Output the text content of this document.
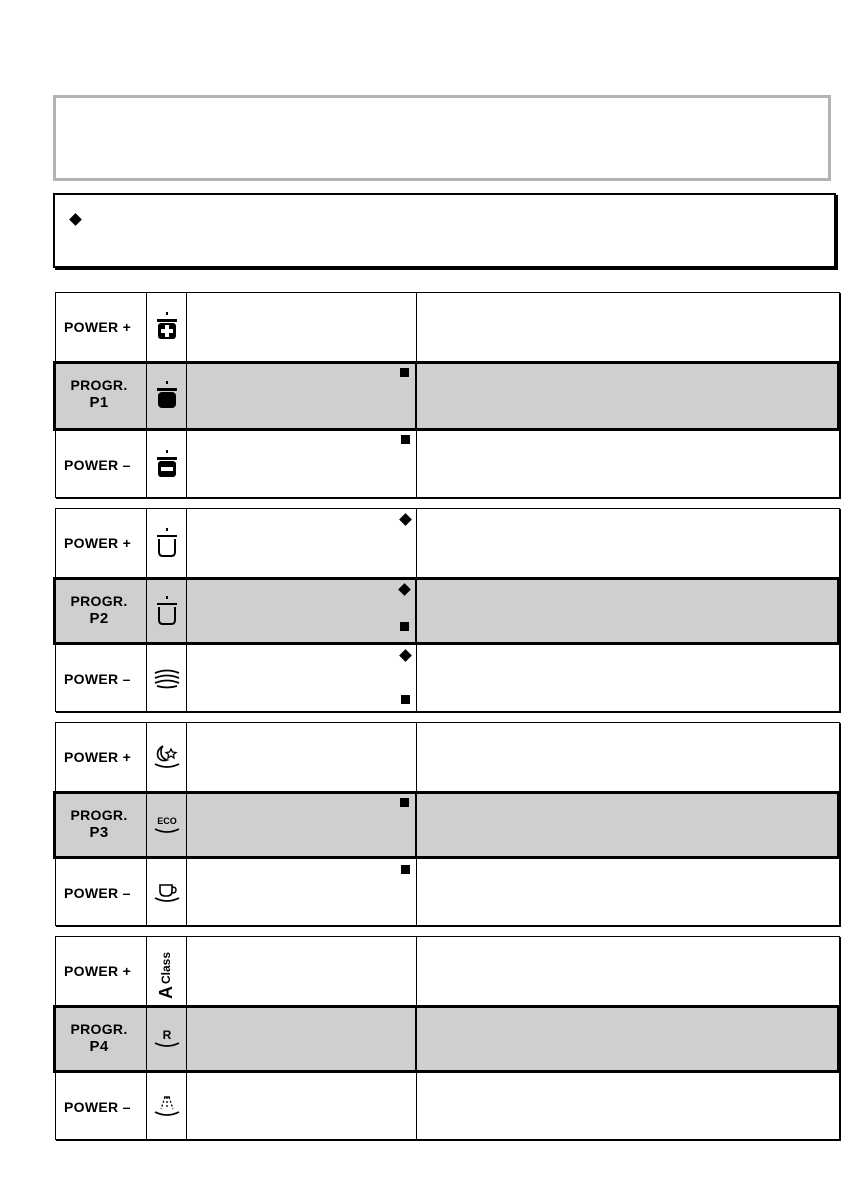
POWER +
PROGR.
P1
POWER –
POWER +
PROGR.
P2
POWER –
POWER +
PROGR.
P3
ECO
POWER –
POWER +
A
Class
PROGR.
P4
R
POWER –
